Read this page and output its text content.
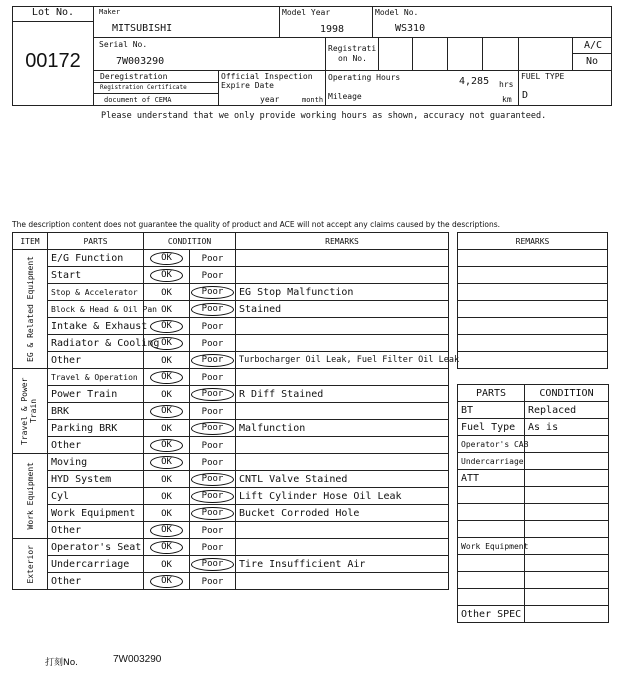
Lot No.
00172
Maker
MITSUBISHI
Model Year
1998
Model No.
WS310
Serial No.
7W003290
Registrati
on No.
A/C
No
Deregistration
Registration Certificate
document of CEMA
Official Inspection
Expire Date
year	month
Operating Hours	4,285 hrs
Mileage	km
FUEL TYPE
D
Please understand that we only provide working hours as shown, accuracy not guaranteed.
The description content does not guarantee the quality of product and ACE will not accept any claims caused by the descriptions.
ITEM	PARTS	CONDITION		REMARKS

EG & Related Equipment	E/G Function	OK	Poor	
	Start	OK	Poor	
	Stop & Accelerator	OK	Poor	EG Stop Malfunction
	Block & Head & Oil Pan	OK	Poor	Stained
	Intake & Exhaust	OK	Poor	
	Radiator & Cooling	OK	Poor	
	Other	OK	Poor	Turbocharger Oil Leak, Fuel Filter Oil Leak

Travel & Power Train	Travel & Operation	OK	Poor	
	Power Train	OK	Poor	R Diff Stained
	BRK	OK	Poor	
	Parking BRK	OK	Poor	Malfunction
	Other	OK	Poor	

Work Equipment	Moving	OK	Poor	
	HYD System	OK	Poor	CNTL Valve Stained
	Cyl	OK	Poor	Lift Cylinder Hose Oil Leak
	Work Equipment	OK	Poor	Bucket Corroded Hole
	Other	OK	Poor	

Exterior	Operator's Seat	OK	Poor	
	Undercarriage	OK	Poor	Tire Insufficient Air
	Other	OK	Poor	
REMARKS

PARTS	CONDITION
BT	Replaced
Fuel Type	As is
Operator's CAB	
Undercarriage	
ATT	

Work Equipment	

Other SPEC	
打刻No.	7W003290
